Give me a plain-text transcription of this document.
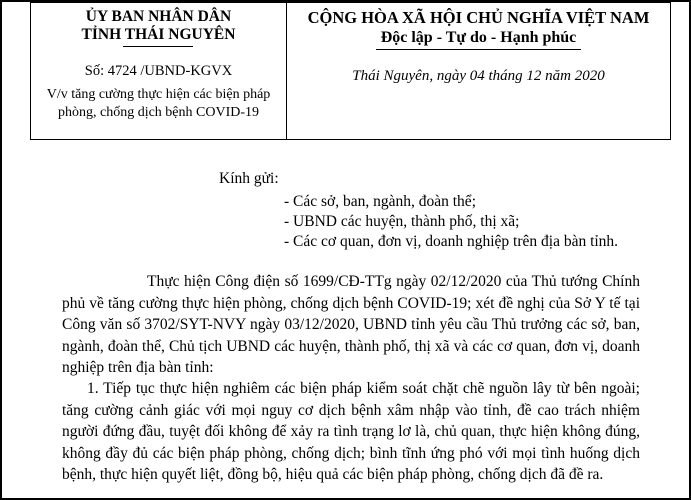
ỦY BAN NHÂN DÂN
TỈNH THÁI NGUYÊN
Số: 4724 /UBND-KGVX
V/v tăng cường thực hiện các biện pháp
phòng, chống dịch bệnh COVID-19

CỘNG HÒA XÃ HỘI CHỦ NGHĨA VIỆT NAM
Độc lập - Tự do - Hạnh phúc
Thái Nguyên, ngày 04 tháng 12 năm 2020
Kính gửi:
- Các sở, ban, ngành, đoàn thể;
- UBND các huyện, thành phố, thị xã;
- Các cơ quan, đơn vị, doanh nghiệp trên địa bàn tỉnh.
Thực hiện Công điện số 1699/CĐ-TTg ngày 02/12/2020 của Thủ tướng Chính phủ về tăng cường thực hiện phòng, chống dịch bệnh COVID-19; xét đề nghị của Sở Y tế tại Công văn số 3702/SYT-NVY ngày 03/12/2020, UBND tỉnh yêu cầu Thủ trưởng các sở, ban, ngành, đoàn thể, Chủ tịch UBND các huyện, thành phố, thị xã và các cơ quan, đơn vị, doanh nghiệp trên địa bàn tỉnh:
1. Tiếp tục thực hiện nghiêm các biện pháp kiểm soát chặt chẽ nguồn lây từ bên ngoài; tăng cường cảnh giác với mọi nguy cơ dịch bệnh xâm nhập vào tỉnh, đề cao trách nhiệm người đứng đầu, tuyệt đối không để xảy ra tình trạng lơ là, chủ quan, thực hiện không đúng, không đầy đủ các biện pháp phòng, chống dịch; bình tĩnh ứng phó với mọi tình huống dịch bệnh, thực hiện quyết liệt, đồng bộ, hiệu quả các biện pháp phòng, chống dịch đã đề ra.
